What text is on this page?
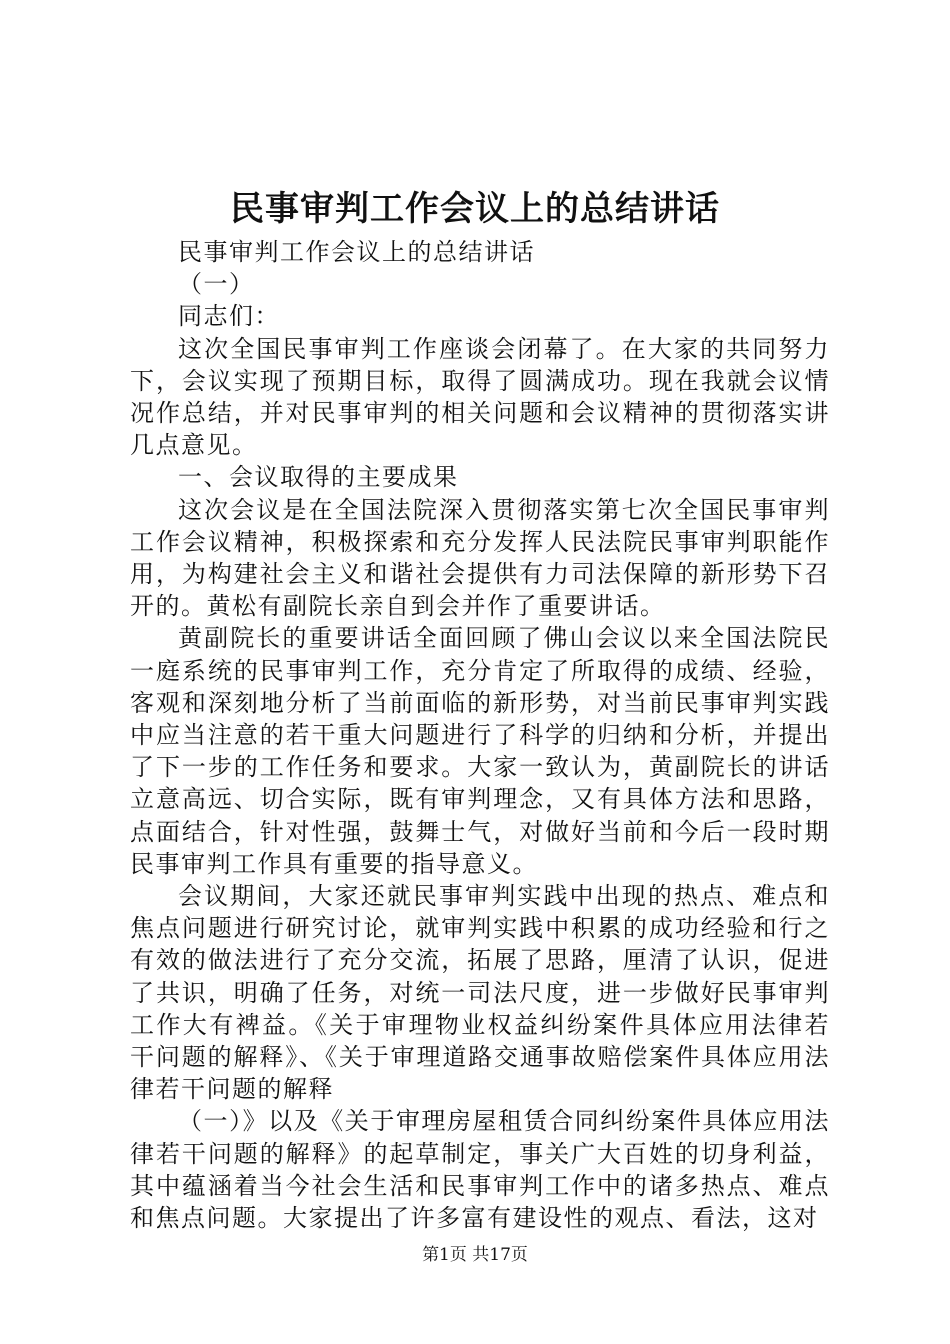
民事审判工作会议上的总结讲话

民事审判工作会议上的总结讲话

（一）

同志们：

这次全国民事审判工作座谈会闭幕了。在大家的共同努力下，会议实现了预期目标，取得了圆满成功。现在我就会议情况作总结，并对民事审判的相关问题和会议精神的贯彻落实讲几点意见。

一、会议取得的主要成果

这次会议是在全国法院深入贯彻落实第七次全国民事审判工作会议精神，积极探索和充分发挥人民法院民事审判职能作用，为构建社会主义和谐社会提供有力司法保障的新形势下召开的。黄松有副院长亲自到会并作了重要讲话。

黄副院长的重要讲话全面回顾了佛山会议以来全国法院民一庭系统的民事审判工作，充分肯定了所取得的成绩、经验，客观和深刻地分析了当前面临的新形势，对当前民事审判实践中应当注意的若干重大问题进行了科学的归纳和分析，并提出了下一步的工作任务和要求。大家一致认为，黄副院长的讲话立意高远、切合实际，既有审判理念，又有具体方法和思路，点面结合，针对性强，鼓舞士气，对做好当前和今后一段时期民事审判工作具有重要的指导意义。

会议期间，大家还就民事审判实践中出现的热点、难点和焦点问题进行研究讨论，就审判实践中积累的成功经验和行之有效的做法进行了充分交流，拓展了思路，厘清了认识，促进了共识，明确了任务，对统一司法尺度，进一步做好民事审判工作大有裨益。《关于审理物业权益纠纷案件具体应用法律若干问题的解释》、《关于审理道路交通事故赔偿案件具体应用法律若干问题的解释

（一）》以及《关于审理房屋租赁合同纠纷案件具体应用法律若干问题的解释》的起草制定，事关广大百姓的切身利益，其中蕴涵着当今社会生活和民事审判工作中的诸多热点、难点和焦点问题。大家提出了许多富有建设性的观点、看法，这对

第1页 共17页
